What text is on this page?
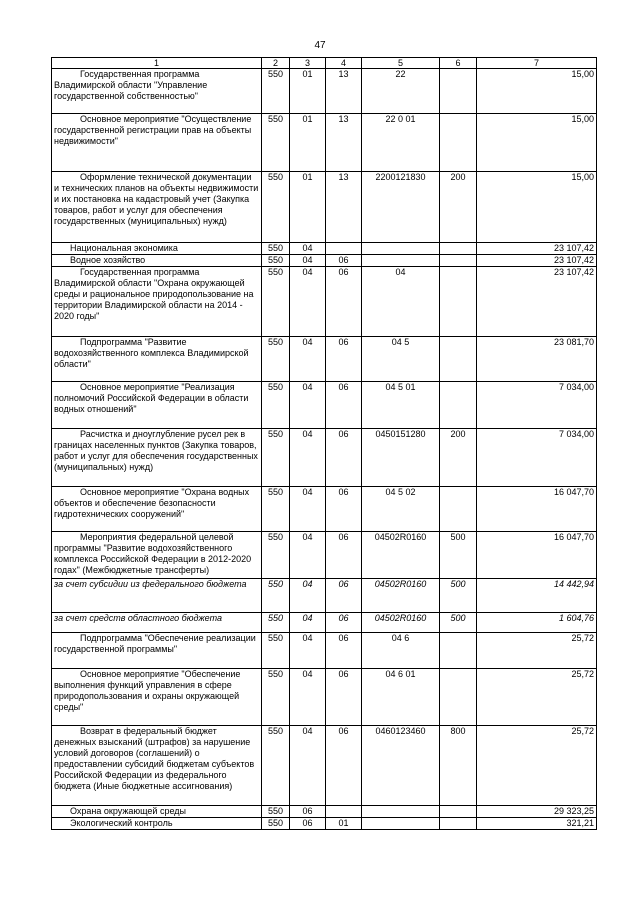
47
1	2	3	4	5	6	7
Государственная программа Владимирской области "Управление государственной собственностью"	550	01	13	22		15,00
Основное мероприятие "Осуществление государственной регистрации прав на объекты недвижимости"	550	01	13	22 0 01		15,00
Оформление технической документации и технических планов на объекты недвижимости и их постановка на кадастровый учет (Закупка товаров, работ и услуг для обеспечения государственных (муниципальных) нужд)	550	01	13	2200121830	200	15,00
Национальная экономика	550	04				23 107,42
Водное хозяйство	550	04	06			23 107,42
Государственная программа Владимирской области "Охрана окружающей среды и рациональное природопользование на территории Владимирской области на 2014 - 2020 годы"	550	04	06	04		23 107,42
Подпрограмма "Развитие водохозяйственного комплекса Владимирской области"	550	04	06	04 5		23 081,70
Основное мероприятие "Реализация полномочий Российской Федерации в области водных отношений"	550	04	06	04 5 01		7 034,00
Расчистка и дноуглубление русел рек в границах населенных пунктов (Закупка товаров, работ и услуг для обеспечения государственных (муниципальных) нужд)	550	04	06	0450151280	200	7 034,00
Основное мероприятие "Охрана водных объектов и обеспечение безопасности гидротехнических сооружений"	550	04	06	04 5 02		16 047,70
Мероприятия федеральной целевой программы "Развитие водохозяйственного комплекса Российской Федерации в 2012-2020 годах" (Межбюджетные трансферты)	550	04	06	04502R0160	500	16 047,70
за счет субсидии из федерального бюджета	550	04	06	04502R0160	500	14 442,94
за счет средств областного бюджета	550	04	06	04502R0160	500	1 604,76
Подпрограмма "Обеспечение реализации государственной программы"	550	04	06	04 6		25,72
Основное мероприятие "Обеспечение выполнения функций управления в сфере природопользования и охраны окружающей среды"	550	04	06	04 6 01		25,72
Возврат в федеральный бюджет денежных взысканий (штрафов) за нарушение условий договоров (соглашений) о предоставлении субсидий бюджетам субъектов Российской Федерации из федерального бюджета (Иные бюджетные ассигнования)	550	04	06	0460123460	800	25,72
Охрана окружающей среды	550	06				29 323,25
Экологический контроль	550	06	01			321,21
